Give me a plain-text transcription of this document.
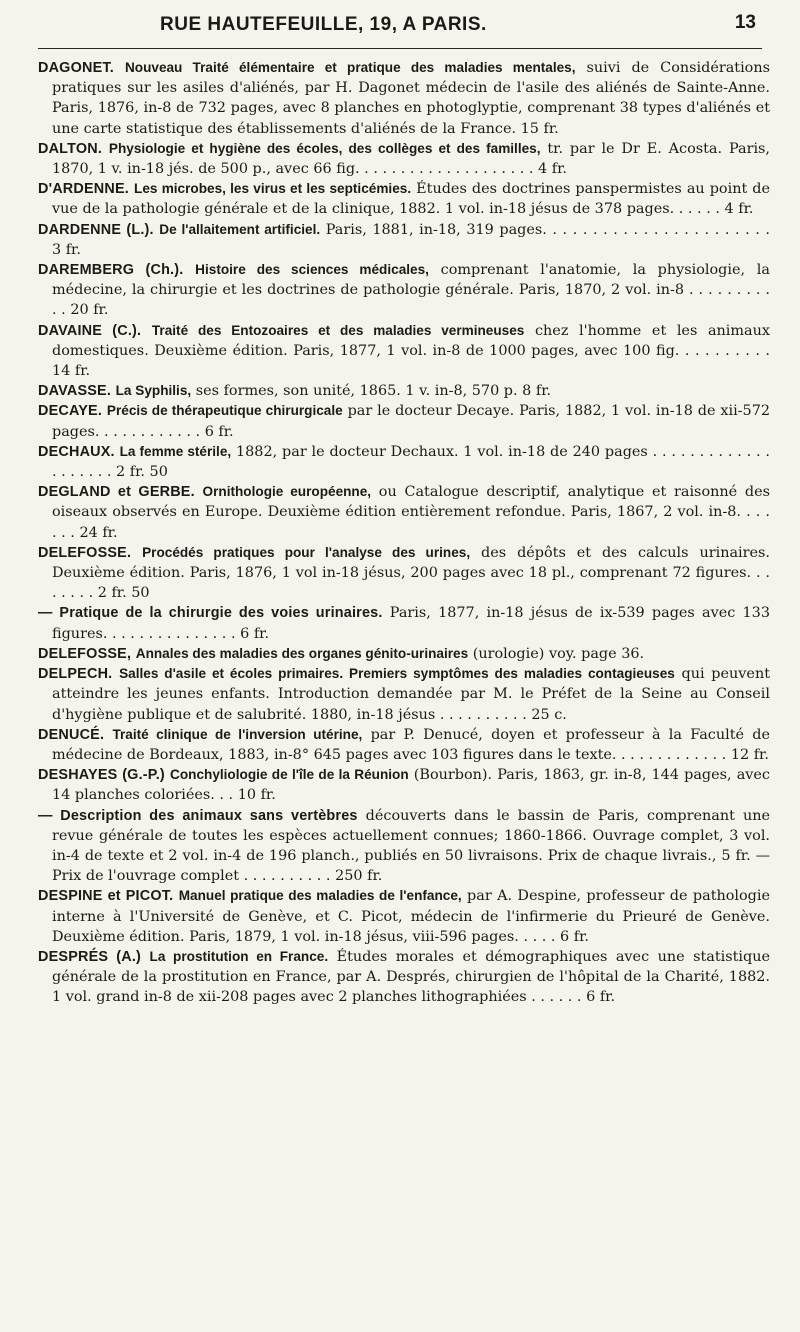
RUE HAUTEFEUILLE, 19, A PARIS.	13

DAGONET. Nouveau Traité élémentaire et pratique des maladies mentales, suivi de Considérations pratiques sur les asiles d'aliénés, par H. Dagonet médecin de l'asile des aliénés de Sainte-Anne. Paris, 1876, in-8 de 732 pages, avec 8 planches en photoglyptie, comprenant 38 types d'aliénés et une carte statistique des établissements d'aliénés de la France. 15 fr.

DALTON. Physiologie et hygiène des écoles, des collèges et des familles, tr. par le Dr E. Acosta. Paris, 1870, 1 v. in-18 jés. de 500 p., avec 66 fig. . . . . . . . . . . . . . . . . . . . 4 fr.

D'ARDENNE. Les microbes, les virus et les septicémies. Études des doctrines panspermistes au point de vue de la pathologie générale et de la clinique, 1882. 1 vol. in-18 jésus de 378 pages. . . . . . 4 fr.

DARDENNE (L.). De l'allaitement artificiel. Paris, 1881, in-18, 319 pages. . . . . . . . . . . . . . . . . . . . . . . 3 fr.

DAREMBERG (Ch.). Histoire des sciences médicales, comprenant l'anatomie, la physiologie, la médecine, la chirurgie et les doctrines de pathologie générale. Paris, 1870, 2 vol. in-8 . . . . . . . . . . . 20 fr.

DAVAINE (C.). Traité des Entozoaires et des maladies vermineuses chez l'homme et les animaux domestiques. Deuxième édition. Paris, 1877, 1 vol. in-8 de 1000 pages, avec 100 fig. . . . . . . . . . 14 fr.

DAVASSE. La Syphilis, ses formes, son unité, 1865. 1 v. in-8, 570 p. 8 fr.

DECAYE. Précis de thérapeutique chirurgicale par le docteur Decaye. Paris, 1882, 1 vol. in-18 de xii-572 pages. . . . . . . . . . . . 6 fr.

DECHAUX. La femme stérile, 1882, par le docteur Dechaux. 1 vol. in-18 de 240 pages . . . . . . . . . . . . . . . . . . . . 2 fr. 50

DEGLAND et GERBE. Ornithologie européenne, ou Catalogue descriptif, analytique et raisonné des oiseaux observés en Europe. Deuxième édition entièrement refondue. Paris, 1867, 2 vol. in-8. . . . . . . 24 fr.

DELEFOSSE. Procédés pratiques pour l'analyse des urines, des dépôts et des calculs urinaires. Deuxième édition. Paris, 1876, 1 vol in-18 jésus, 200 pages avec 18 pl., comprenant 72 figures. . . . . . . . 2 fr. 50

— Pratique de la chirurgie des voies urinaires. Paris, 1877, in-18 jésus de ix-539 pages avec 133 figures. . . . . . . . . . . . . . . 6 fr.

DELEFOSSE, Annales des maladies des organes génito-urinaires (urologie) voy. page 36.

DELPECH. Salles d'asile et écoles primaires. Premiers symptômes des maladies contagieuses qui peuvent atteindre les jeunes enfants. Introduction demandée par M. le Préfet de la Seine au Conseil d'hygiène publique et de salubrité. 1880, in-18 jésus . . . . . . . . . . 25 c.

DENUCÉ. Traité clinique de l'inversion utérine, par P. Denucé, doyen et professeur à la Faculté de médecine de Bordeaux, 1883, in-8° 645 pages avec 103 figures dans le texte. . . . . . . . . . . . . 12 fr.

DESHAYES (G.-P.) Conchyliologie de l'île de la Réunion (Bourbon). Paris, 1863, gr. in-8, 144 pages, avec 14 planches coloriées. . . 10 fr.

— Description des animaux sans vertèbres découverts dans le bassin de Paris, comprenant une revue générale de toutes les espèces actuellement connues; 1860-1866. Ouvrage complet, 3 vol. in-4 de texte et 2 vol. in-4 de 196 planch., publiés en 50 livraisons. Prix de chaque livrais., 5 fr. — Prix de l'ouvrage complet . . . . . . . . . . 250 fr.

DESPINE et PICOT. Manuel pratique des maladies de l'enfance, par A. Despine, professeur de pathologie interne à l'Université de Genève, et C. Picot, médecin de l'infirmerie du Prieuré de Genève. Deuxième édition. Paris, 1879, 1 vol. in-18 jésus, viii-596 pages. . . . . 6 fr.

DESPRÉS (A.) La prostitution en France. Études morales et démographiques avec une statistique générale de la prostitution en France, par A. Després, chirurgien de l'hôpital de la Charité, 1882. 1 vol. grand in-8 de xii-208 pages avec 2 planches lithographiées . . . . . . 6 fr.
